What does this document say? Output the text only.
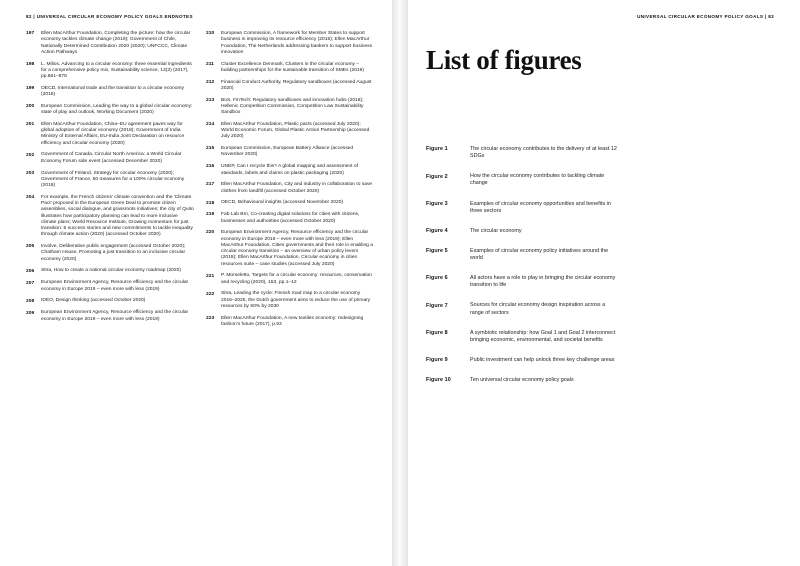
82 | UNIVERSAL CIRCULAR ECONOMY POLICY GOALS ENDNOTES
197	Ellen MacArthur Foundation, Completing the picture: how the circular economy tackles climate change (2019); Government of Chile, Nationally Determined Contribution 2020 (2020); UNFCCC, Climate Action Pathways
198	L. Milios, Advancing to a circular economy: three essential ingredients for a comprehensive policy mix, Sustainability science, 13(3) (2017), pp.861–878
199	OECD, International trade and the transition to a circular economy (2018)
200	European Commission, Leading the way to a global circular economy: state of play and outlook, Working Document (2020)
201	Ellen MacArthur Foundation, China–EU agreement paves way for global adoption of circular economy (2018); Government of India Ministry of External Affairs, EU-India Joint Declaration on resource efficiency and circular economy (2020)
202	Government of Canada, Circular North America: a World Circular Economy Forum side event (accessed December 2020)
203	Government of Finland, Strategy for circular economy (2020); Government of France, 50 measures for a 100% circular economy (2018)
204	For example, the French citizens' climate convention and the 'Climate Pact' proposed in the European Green Deal to promote citizen assemblies, social dialogue, and grassroots initiatives; the city of Quito illustrates how participatory planning can lead to more inclusive climate plans; World Resource Institute, Growing momentum for just transition: 5 success stories and new commitments to tackle inequality through climate action (2020) (accessed October 2020)
205	Involve, Deliberative public engagement (accessed October 2020); Chatham House, Promoting a just transition to an inclusive circular economy (2020)
206	Sitra, How to create a national circular economy roadmap (2020)
207	European Environment Agency, Resource efficiency and the circular economy in Europe 2019 – even more with less (2019)
208	IDEO, Design thinking (accessed October 2020)
209	European Environment Agency, Resource efficiency and the circular economy in Europe 2019 – even more with less (2019)
210	European Commission, A framework for Member States to support business in improving its resource efficiency (2015); Ellen MacArthur Foundation, The Netherlands addressing bankers to support business innovation
211	Cluster Excellence Denmark, Clusters in the circular economy – building partnerships for the sustainable transition of SMEs (2019)
212	Financial Conduct Authority, Regulatory sandboxes (accessed August 2020)
213	BoS, FinTech: Regulatory sandboxes and innovation hubs (2018); Hellenic Competition Commission, Competition Law Sustainability Sandbox
214	Ellen MacArthur Foundation, Plastic pacts (accessed July 2020); World Economic Forum, Global Plastic Action Partnership (accessed July 2020)
215	European Commission, European Battery Alliance (accessed November 2020)
216	UNEP, Can I recycle this? A global mapping and assessment of standards, labels and claims on plastic packaging (2020)
217	Ellen MacArthur Foundation, City and industry in collaboration to save clothes from landfill (accessed October 2020)
218	OECD, Behavioural insights (accessed November 2020)
219	Fab Lab Brn, Co-creating digital solutions for cities with citizens, businesses and authorities (accessed October 2020)
220	European Environment Agency, Resource efficiency and the circular economy in Europe 2019 – even more with less (2019); Ellen MacArthur Foundation, Cities governments and their role in enabling a circular economy transition – an overview of urban policy levers (2019); Ellen MacArthur Foundation, Circular economy in cities resources suite – case studies (accessed July 2020)
221	P. Morseletto, Targets for a circular economy: resources, conservation and recycling (2020), 153, pp.1–12
222	Sitra, Leading the cycle: Finnish road map to a circular economy 2016–2025, the Dutch government aims to reduce the use of primary resources by 50% by 2030
223	Ellen MacArthur Foundation, A new textiles economy: redesigning fashion's future (2017), p.93
UNIVERSAL CIRCULAR ECONOMY POLICY GOALS | 83
List of figures
Figure 1	The circular economy contributes to the delivery of at least 12 SDGs
Figure 2	How the circular economy contributes to tackling climate change
Figure 3	Examples of circular economy opportunities and benefits in three sectors
Figure 4	The circular economy
Figure 5	Examples of circular economy policy initiatives around the world
Figure 6	All actors have a role to play in bringing the circular economy transition to life
Figure 7	Sources for circular economy design inspiration across a range of sectors
Figure 8	A symbiotic relationship: how Goal 1 and Goal 2 interconnect bringing economic, environmental, and societal benefits
Figure 9	Public investment can help unlock three key challenge areas
Figure 10	Ten universal circular economy policy goals
